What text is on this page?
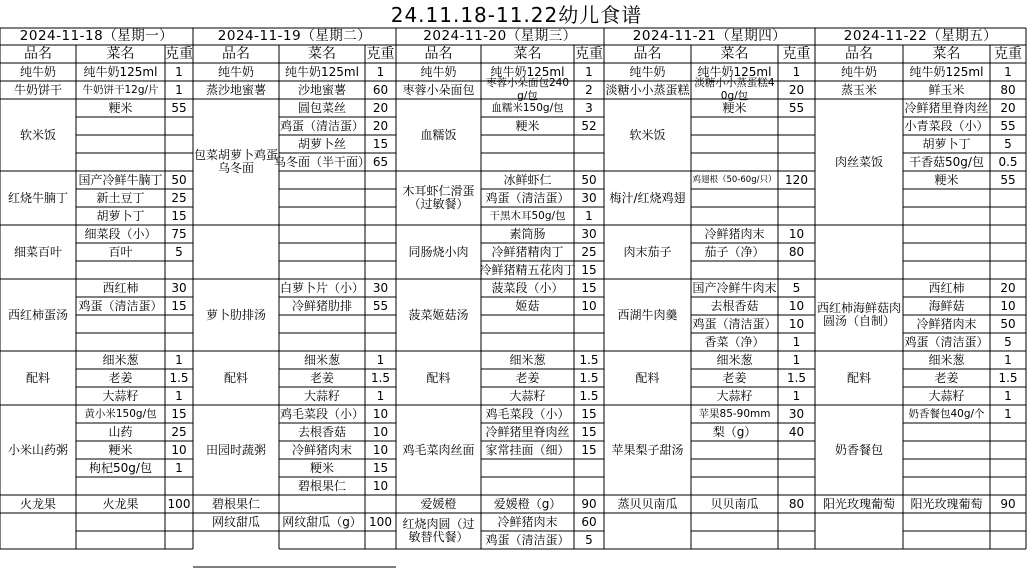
24.11.18-11.22幼儿食谱
2024-11-18（星期一）
品名	菜名	克重
纯牛奶	纯牛奶125ml	1
牛奶饼干	牛奶饼干12g/片	1
软米饭
粳米	55
红烧牛腩丁
国产冷鲜牛腩丁 50
新土豆丁	25
胡萝卜丁	15
细菜百叶
细菜段（小）	75
百叶	5
西红柿蛋汤
西红柿	30
鸡蛋（清洁蛋） 15
配料
细米葱	1
老姜	1.5
大蒜籽	1
小米山药粥
黄小米150g/包	15
山药	25
粳米	10
枸杞50g/包	1
火龙果	火龙果	100
2024-11-19（星期二）
品名	菜名	克重
纯牛奶	纯牛奶125ml	1
蒸沙地蜜薯	沙地蜜薯	60
包菜胡萝卜鸡蛋乌冬面
圆包菜丝	20
鸡蛋（清洁蛋） 20
胡萝卜丝	15
乌冬面（半干面） 65
萝卜肋排汤
白萝卜片（小） 30
冷鲜猪肋排	55
配料
细米葱	1
老姜	1.5
大蒜籽	1
田园时蔬粥
鸡毛菜段（小） 10
去根香菇	10
冷鲜猪肉末	10
粳米	15
碧根果仁	10
碧根果仁
网纹甜瓜	网纹甜瓜（g） 100
2024-11-20（星期三）
品名	菜名	克重
纯牛奶	纯牛奶125ml	1
枣蓉小朵面包	枣蓉小朵面包240g/包	2
血糯饭
血糯米150g/包	3
粳米	52
木耳虾仁滑蛋（过敏餐）
冰鲜虾仁	50
鸡蛋（清洁蛋） 30
干黑木耳50g/包	1
同肠烧小肉
素筒肠	30
冷鲜猪精肉丁	25
冷鲜猪精五花肉丁 15
菠菜姬菇汤
菠菜段（小）	15
姬菇	10
配料
细米葱	1.5
老姜	1.5
大蒜籽	1.5
鸡毛菜肉丝面
鸡毛菜段（小） 15
冷鲜猪里脊肉丝 15
家常挂面（细） 15
爱媛橙	爱媛橙（g）	90
红烧肉圆（过敏替代餐）
冷鲜猪肉末	60
鸡蛋（清洁蛋）	5
2024-11-21（星期四）
品名	菜名	克重
纯牛奶	纯牛奶125ml	1
淡糖小小蒸蛋糕 淡糖小小蒸蛋糕40g/包	20
软米饭
粳米	55
梅汁/红烧鸡翅
鸡翅根（50-60g/只） 120
肉末茄子
冷鲜猪肉末	10
茄子（净）	80
西湖牛肉羹
国产冷鲜牛肉末	5
去根香菇	10
鸡蛋（清洁蛋）	10
香菜（净）	1
配料
细米葱	1
老姜	1.5
大蒜籽	1
苹果梨子甜汤
苹果85-90mm	30
梨（g）	40
蒸贝贝南瓜	贝贝南瓜	80
2024-11-22（星期五）
品名	菜名	克重
纯牛奶	纯牛奶125ml	1
蒸玉米	鲜玉米	80
肉丝菜饭
冷鲜猪里脊肉丝 20
小青菜段（小） 55
胡萝卜丁	5
干香菇50g/包	0.5
粳米	55
西红柿海鲜菇肉圆汤（自制）
西红柿	20
海鲜菇	10
冷鲜猪肉末	50
鸡蛋（清洁蛋）	5
配料
细米葱	1
老姜	1.5
大蒜籽	1
奶香餐包
奶香餐包40g/个	1
阳光玫瑰葡萄	阳光玫瑰葡萄	90
